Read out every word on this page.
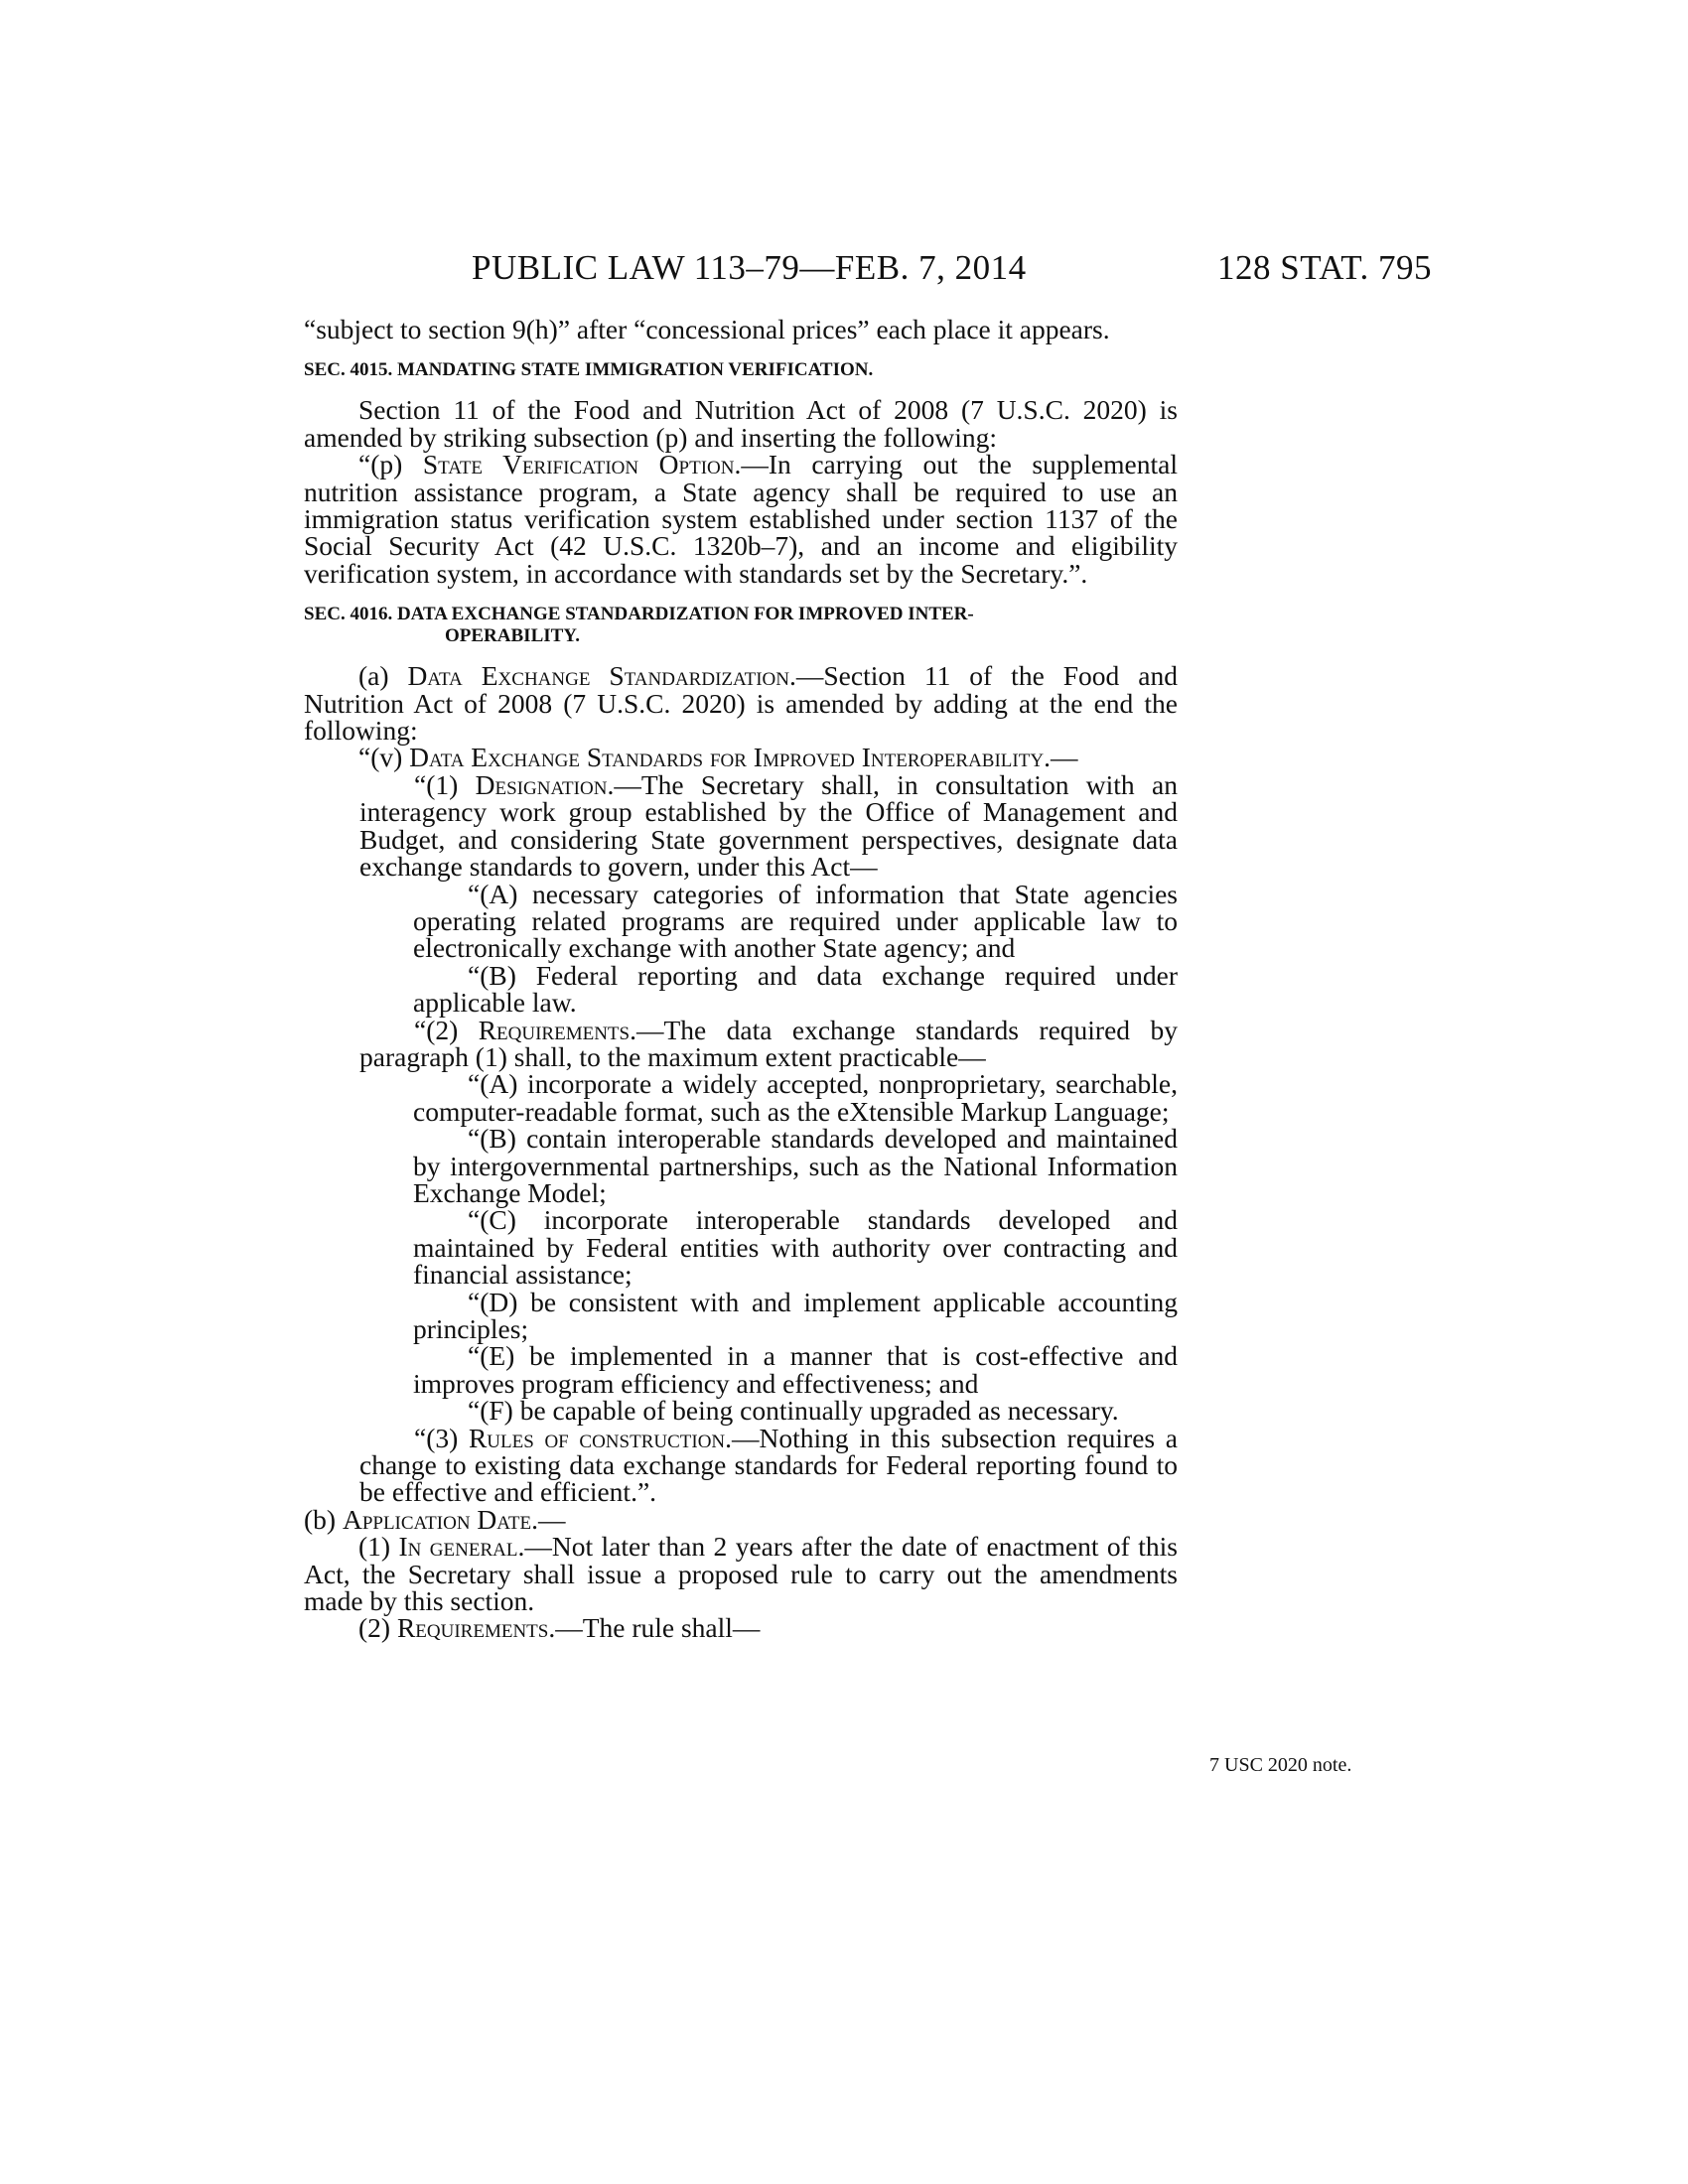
PUBLIC LAW 113–79—FEB. 7, 2014	128 STAT. 795
7 USC 2020 note.

“subject to section 9(h)” after “concessional prices” each place it appears.

SEC. 4015. MANDATING STATE IMMIGRATION VERIFICATION.

Section 11 of the Food and Nutrition Act of 2008 (7 U.S.C. 2020) is amended by striking subsection (p) and inserting the following:

“(p) State Verification Option.—In carrying out the supplemental nutrition assistance program, a State agency shall be required to use an immigration status verification system established under section 1137 of the Social Security Act (42 U.S.C. 1320b–7), and an income and eligibility verification system, in accordance with standards set by the Secretary.”.

SEC. 4016. DATA EXCHANGE STANDARDIZATION FOR IMPROVED INTER-
OPERABILITY.

(a) Data Exchange Standardization.—Section 11 of the Food and Nutrition Act of 2008 (7 U.S.C. 2020) is amended by adding at the end the following:

“(v) Data Exchange Standards for Improved Interoperability.—

“(1) Designation.—The Secretary shall, in consultation with an interagency work group established by the Office of Management and Budget, and considering State government perspectives, designate data exchange standards to govern, under this Act—

“(A) necessary categories of information that State agencies operating related programs are required under applicable law to electronically exchange with another State agency; and

“(B) Federal reporting and data exchange required under applicable law.

“(2) Requirements.—The data exchange standards required by paragraph (1) shall, to the maximum extent practicable—

“(A) incorporate a widely accepted, nonproprietary, searchable, computer-readable format, such as the eXtensible Markup Language;

“(B) contain interoperable standards developed and maintained by intergovernmental partnerships, such as the National Information Exchange Model;

“(C) incorporate interoperable standards developed and maintained by Federal entities with authority over contracting and financial assistance;

“(D) be consistent with and implement applicable accounting principles;

“(E) be implemented in a manner that is cost-effective and improves program efficiency and effectiveness; and

“(F) be capable of being continually upgraded as necessary.

“(3) Rules of construction.—Nothing in this subsection requires a change to existing data exchange standards for Federal reporting found to be effective and efficient.”.

(b) Application Date.—

(1) In general.—Not later than 2 years after the date of enactment of this Act, the Secretary shall issue a proposed rule to carry out the amendments made by this section.

(2) Requirements.—The rule shall—
